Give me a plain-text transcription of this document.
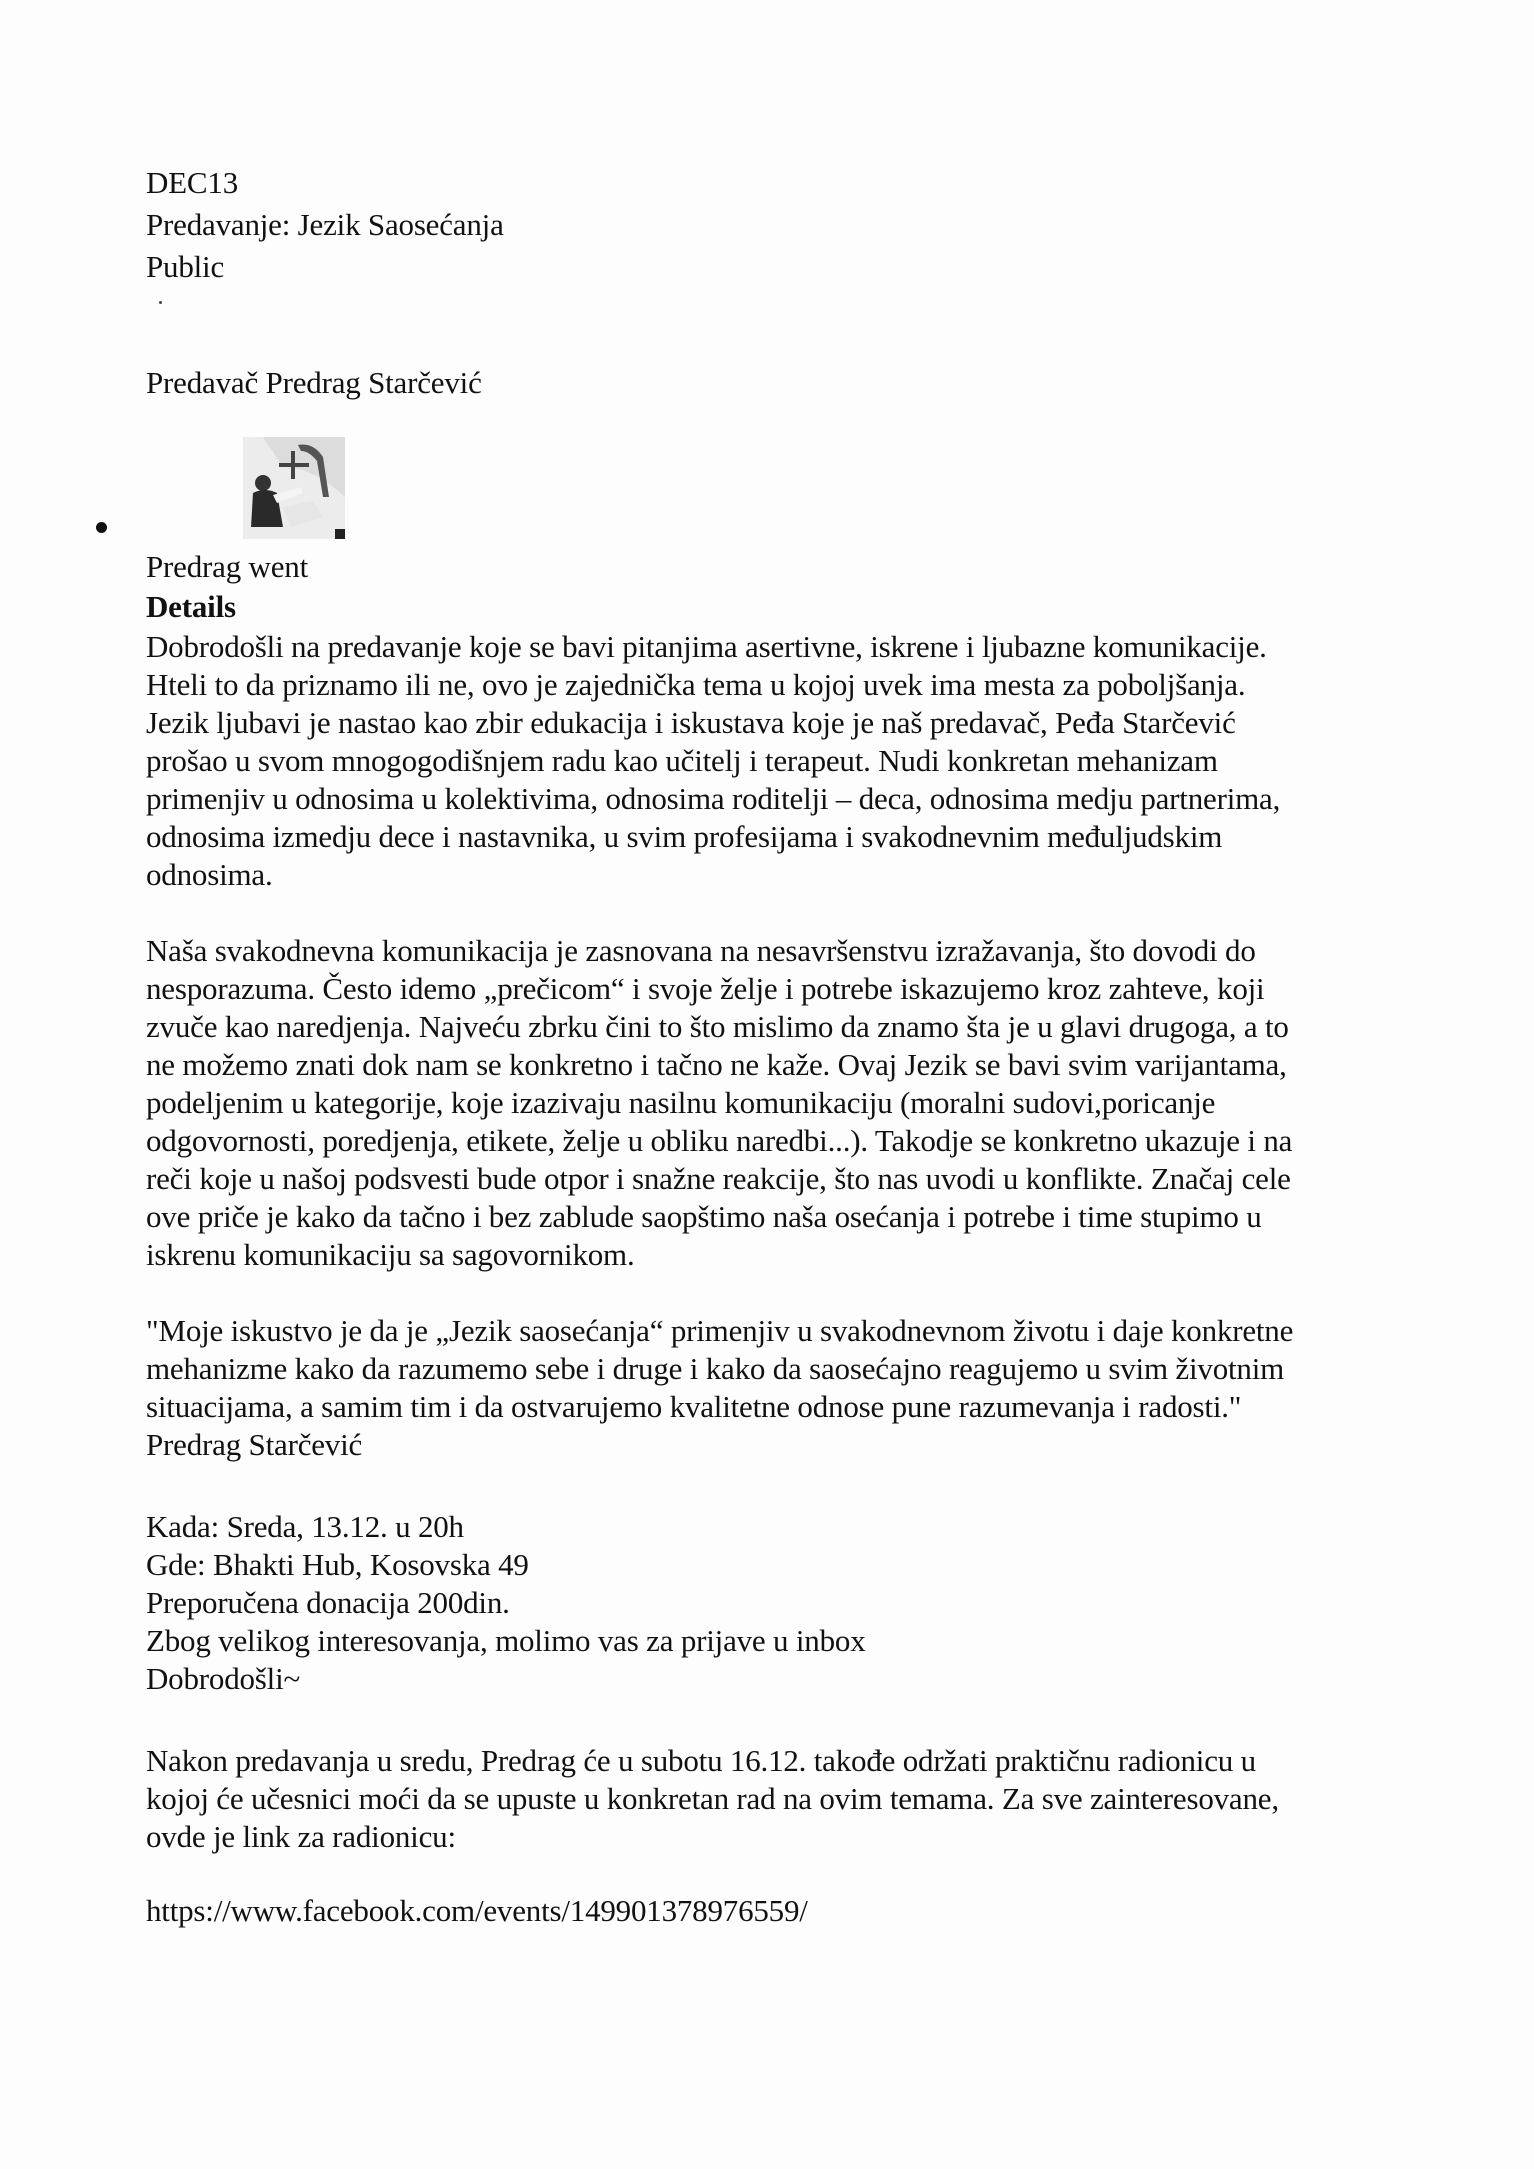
DEC13
Predavanje: Jezik Saosećanja
Public
Predavač Predrag Starčević
Predrag went
Details
Dobrodošli na predavanje koje se bavi pitanjima asertivne, iskrene i ljubazne komunikacije.
Hteli to da priznamo ili ne, ovo je zajednička tema u kojoj uvek ima mesta za poboljšanja.
Jezik ljubavi je nastao kao zbir edukacija i iskustava koje je naš predavač, Peđa Starčević
prošao u svom mnogogodišnjem radu kao učitelj i terapeut. Nudi konkretan mehanizam
primenjiv u odnosima u kolektivima, odnosima roditelji – deca, odnosima medju partnerima,
odnosima izmedju dece i nastavnika, u svim profesijama i svakodnevnim međuljudskim
odnosima.
Naša svakodnevna komunikacija je zasnovana na nesavršenstvu izražavanja, što dovodi do
nesporazuma. Često idemo „prečicom“ i svoje želje i potrebe iskazujemo kroz zahteve, koji
zvuče kao naredjenja. Najveću zbrku čini to što mislimo da znamo šta je u glavi drugoga, a to
ne možemo znati dok nam se konkretno i tačno ne kaže. Ovaj Jezik se bavi svim varijantama,
podeljenim u kategorije, koje izazivaju nasilnu komunikaciju (moralni sudovi,poricanje
odgovornosti, poredjenja, etikete, želje u obliku naredbi...). Takodje se konkretno ukazuje i na
reči koje u našoj podsvesti bude otpor i snažne reakcije, što nas uvodi u konflikte. Značaj cele
ove priče je kako da tačno i bez zablude saopštimo naša osećanja i potrebe i time stupimo u
iskrenu komunikaciju sa sagovornikom.
"Moje iskustvo je da je „Jezik saosećanja“ primenjiv u svakodnevnom životu i daje konkretne
mehanizme kako da razumemo sebe i druge i kako da saosećajno reagujemo u svim životnim
situacijama, a samim tim i da ostvarujemo kvalitetne odnose pune razumevanja i radosti."
Predrag Starčević
Kada: Sreda, 13.12. u 20h
Gde: Bhakti Hub, Kosovska 49
Preporučena donacija 200din.
Zbog velikog interesovanja, molimo vas za prijave u inbox
Dobrodošli~
Nakon predavanja u sredu, Predrag će u subotu 16.12. takođe održati praktičnu radionicu u
kojoj će učesnici moći da se upuste u konkretan rad na ovim temama. Za sve zainteresovane,
ovde je link za radionicu:
https://www.facebook.com/events/149901378976559/
